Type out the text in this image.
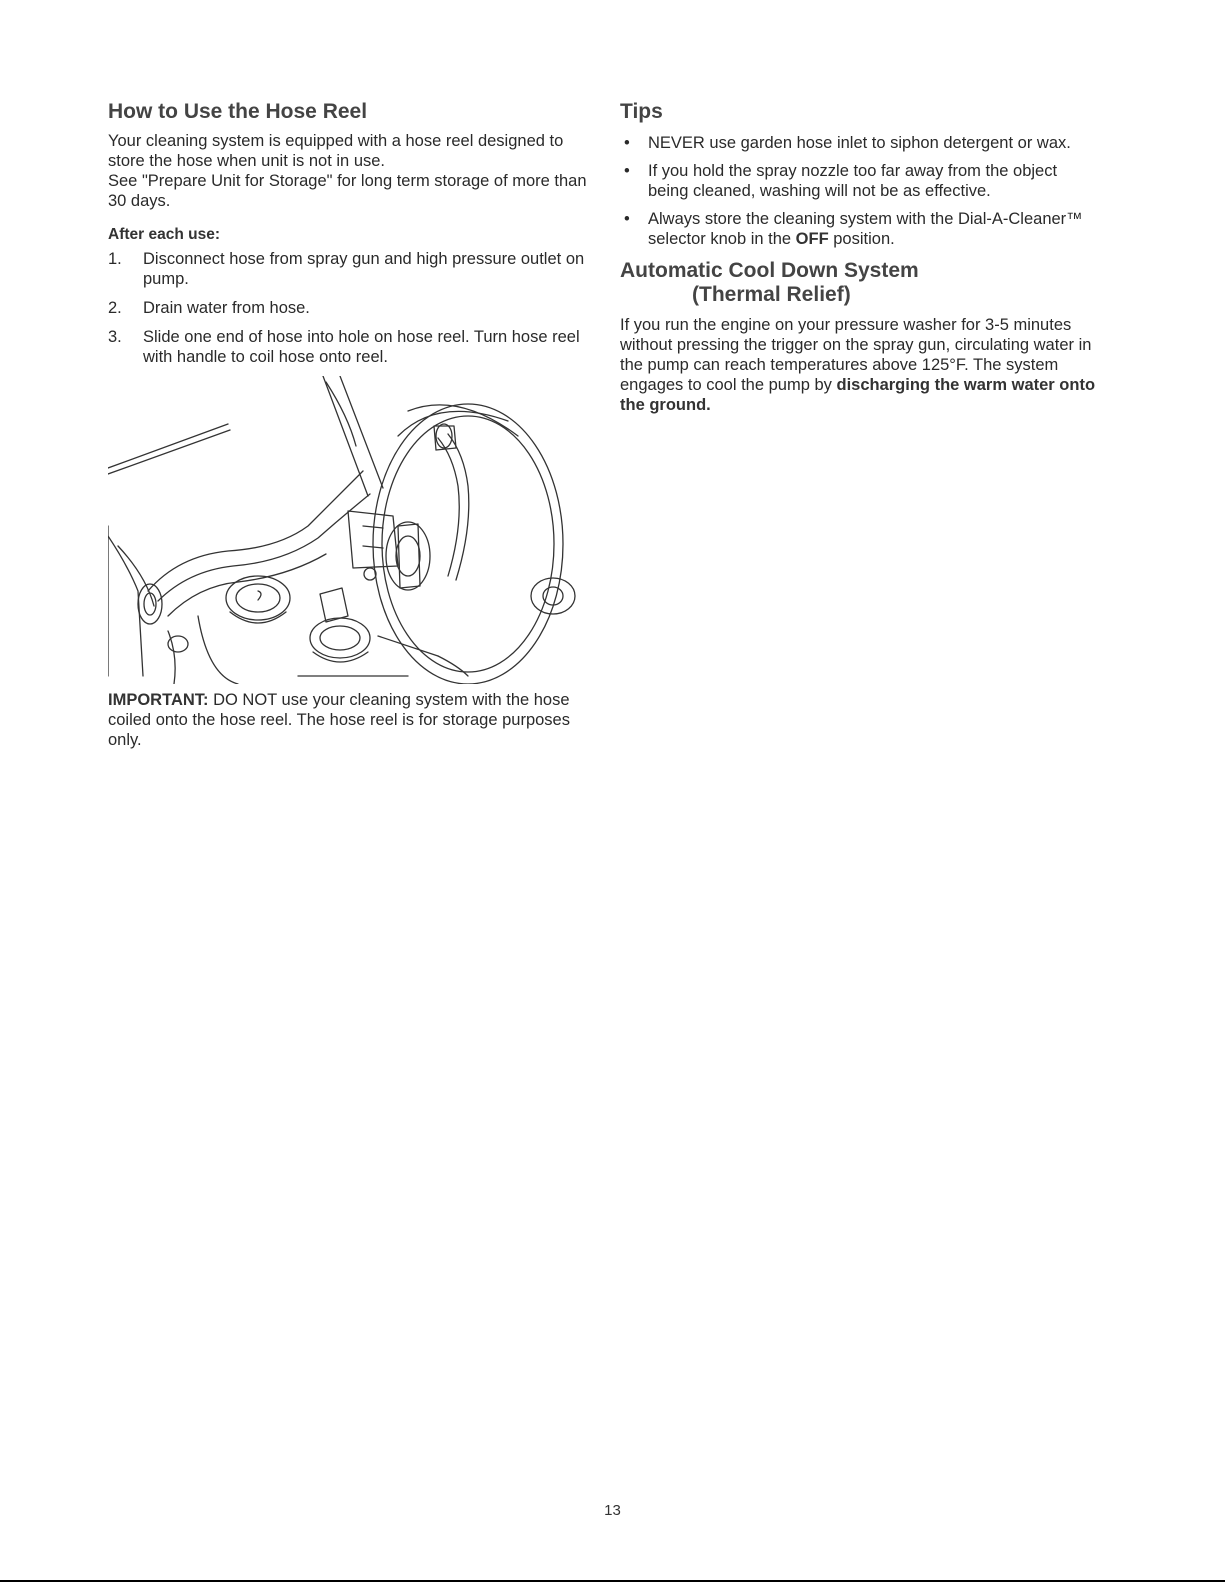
How to Use the Hose Reel

Your cleaning system is equipped with a hose reel designed to store the hose when unit is not in use.

See "Prepare Unit for Storage" for long term storage of more than 30 days.

After each use:
1. Disconnect hose from spray gun and high pressure outlet on pump.
2. Drain water from hose.
3. Slide one end of hose into hole on hose reel. Turn hose reel with handle to coil hose onto reel.

IMPORTANT: DO NOT use your cleaning system with the hose coiled onto the hose reel. The hose reel is for storage purposes only.

Tips
• NEVER use garden hose inlet to siphon detergent or wax.
• If you hold the spray nozzle too far away from the object being cleaned, washing will not be as effective.
• Always store the cleaning system with the Dial-A-Cleaner™ selector knob in the OFF position.
Automatic Cool Down System
(Thermal Relief)

If you run the engine on your pressure washer for 3-5 minutes without pressing the trigger on the spray gun, circulating water in the pump can reach temperatures above 125°F. The system engages to cool the pump by discharging the warm water onto the ground.

13
